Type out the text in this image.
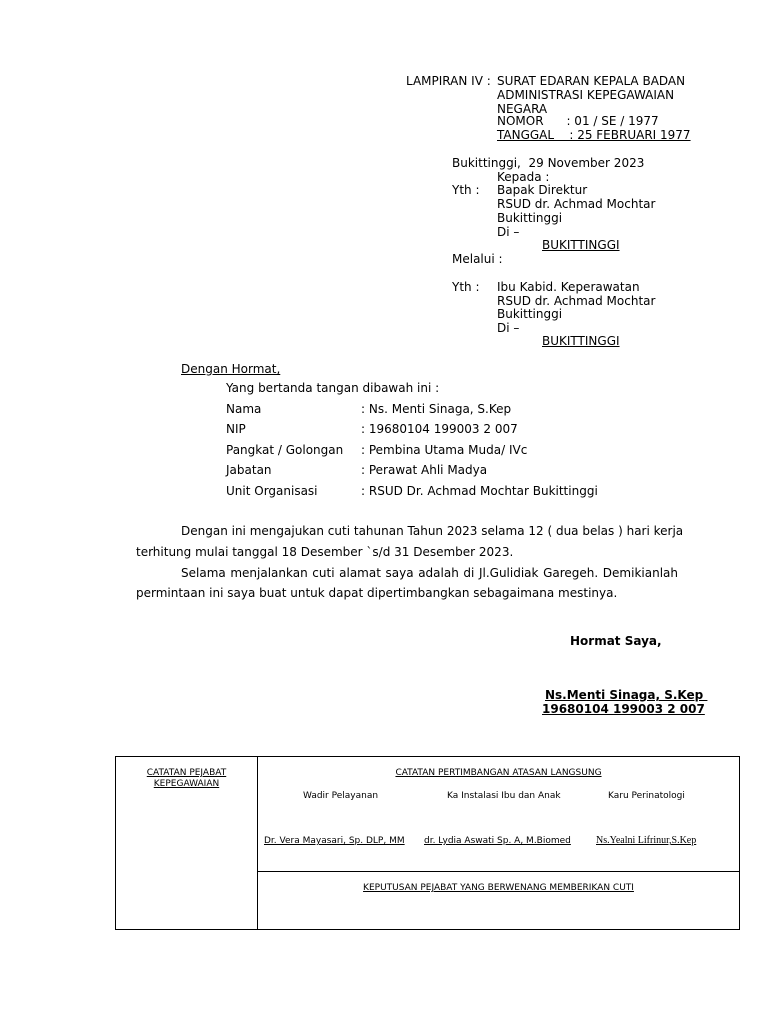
LAMPIRAN IV : SURAT EDARAN KEPALA BADAN
ADMINISTRASI KEPEGAWAIAN
NEGARA
NOMOR      : 01 / SE / 1977
TANGGAL    : 25 FEBRUARI 1977
Bukittinggi,  29 November 2023
Kepada :
Yth : Bapak Direktur
RSUD dr. Achmad Mochtar
Bukittinggi
Di –
BUKITTINGGI
Melalui :
Yth : Ibu Kabid. Keperawatan
RSUD dr. Achmad Mochtar
Bukittinggi
Di –
BUKITTINGGI
Dengan Hormat,
Yang bertanda tangan dibawah ini :
Nama	: Ns. Menti Sinaga, S.Kep
NIP	: 19680104 199003 2 007
Pangkat / Golongan : Pembina Utama Muda/ IVc
Jabatan	: Perawat Ahli Madya
Unit Organisasi	: RSUD Dr. Achmad Mochtar Bukittinggi
Dengan ini mengajukan cuti tahunan Tahun 2023 selama 12 ( dua belas ) hari kerja
terhitung mulai tanggal 18 Desember `s/d 31 Desember 2023.
Selama menjalankan cuti alamat saya adalah di Jl.Gulidiak Garegeh. Demikianlah
permintaan ini saya buat untuk dapat dipertimbangkan sebagaimana mestinya.
Hormat Saya,
Ns.Menti Sinaga, S.Kep
19680104 199003 2 007
CATATAN PEJABAT
KEPEGAWAIAN
CATATAN PERTIMBANGAN ATASAN LANGSUNG
Wadir Pelayanan	Ka Instalasi Ibu dan Anak	Karu Perinatologi
Dr. Vera Mayasari, Sp. DLP, MM dr. Lydia Aswati Sp. A, M.Biomed	Ns.Yealni Lifrinur,S.Kep
KEPUTUSAN PEJABAT YANG BERWENANG MEMBERIKAN CUTI
